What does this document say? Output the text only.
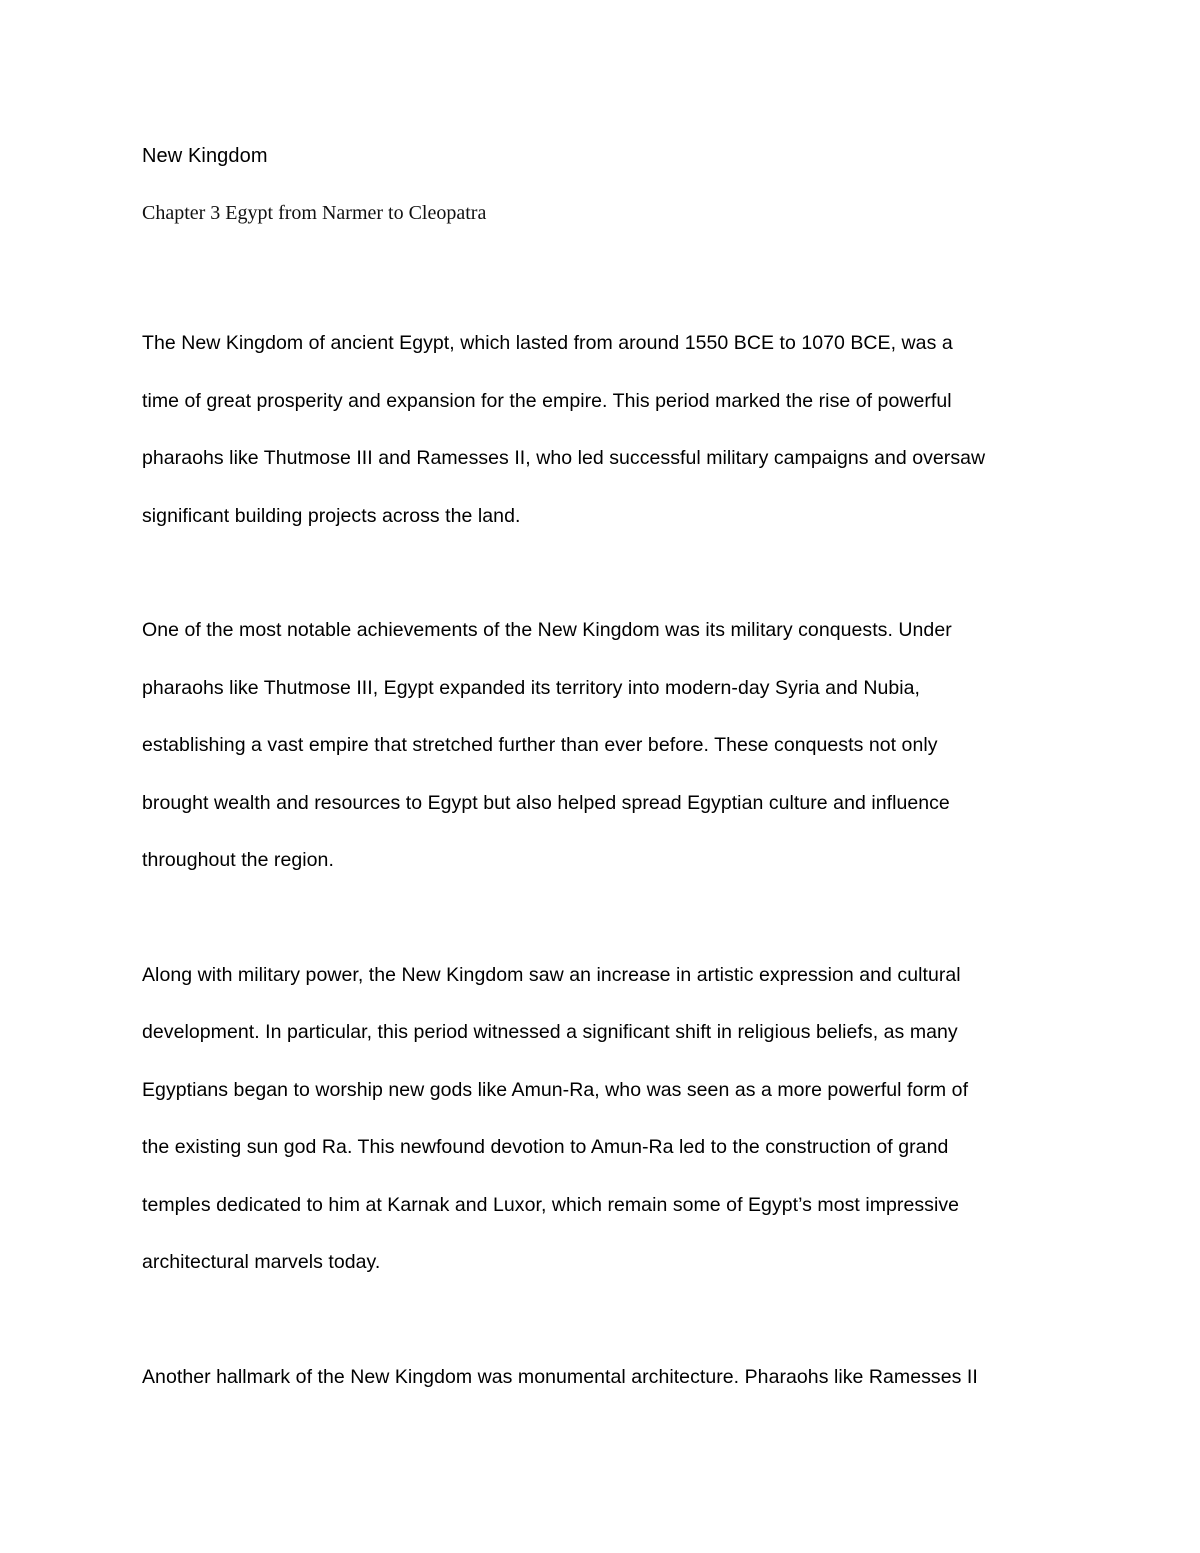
New Kingdom
Chapter 3 Egypt from Narmer to Cleopatra

The New Kingdom of ancient Egypt, which lasted from around 1550 BCE to 1070 BCE, was a
time of great prosperity and expansion for the empire. This period marked the rise of powerful
pharaohs like Thutmose III and Ramesses II, who led successful military campaigns and oversaw
significant building projects across the land.

One of the most notable achievements of the New Kingdom was its military conquests. Under
pharaohs like Thutmose III, Egypt expanded its territory into modern-day Syria and Nubia,
establishing a vast empire that stretched further than ever before. These conquests not only
brought wealth and resources to Egypt but also helped spread Egyptian culture and influence
throughout the region.

Along with military power, the New Kingdom saw an increase in artistic expression and cultural
development. In particular, this period witnessed a significant shift in religious beliefs, as many
Egyptians began to worship new gods like Amun-Ra, who was seen as a more powerful form of
the existing sun god Ra. This newfound devotion to Amun-Ra led to the construction of grand
temples dedicated to him at Karnak and Luxor, which remain some of Egypt’s most impressive
architectural marvels today.

Another hallmark of the New Kingdom was monumental architecture. Pharaohs like Ramesses II
